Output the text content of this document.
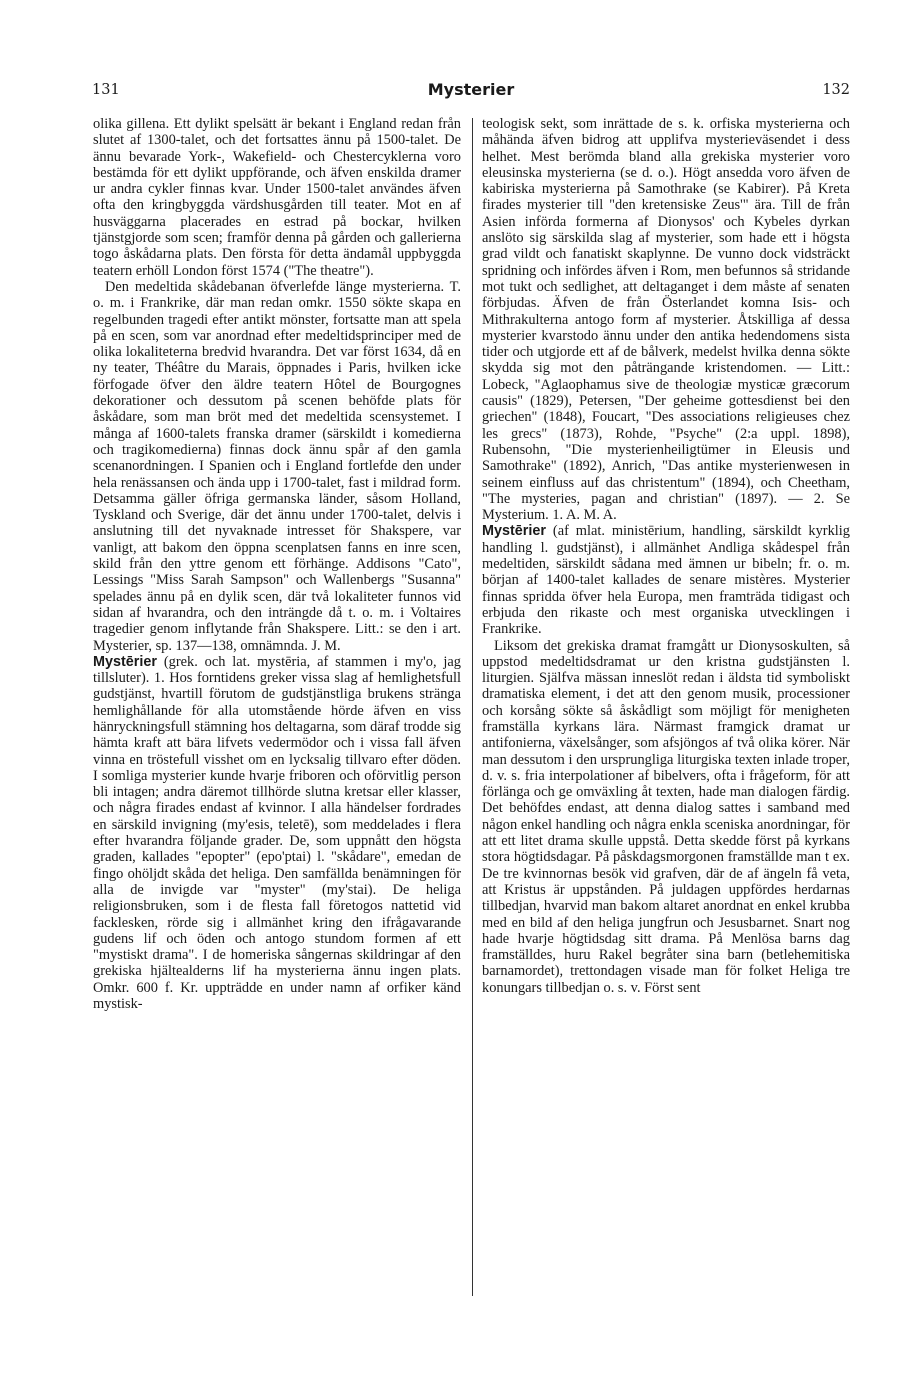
131	Mysterier	132

olika gillena. Ett dylikt spelsätt är bekant i England redan från slutet af 1300-talet, och det fortsattes ännu på 1500-talet. De ännu bevarade York-, Wakefield- och Chestercyklerna voro bestämda för ett dylikt uppförande, och äfven enskilda dramer ur andra cykler finnas kvar. Under 1500-talet användes äfven ofta den kringbyggda värdshusgården till teater. Mot en af husväggarna placerades en estrad på bockar, hvilken tjänstgjorde som scen; framför denna på gården och gallerierna togo åskådarna plats. Den första för detta ändamål uppbyggda teatern erhöll London först 1574 ("The theatre").

Den medeltida skådebanan öfverlefde länge mysterierna. T. o. m. i Frankrike, där man redan omkr. 1550 sökte skapa en regelbunden tragedi efter antikt mönster, fortsatte man att spela på en scen, som var anordnad efter medeltidsprinciper med de olika lokaliteterna bredvid hvarandra. Det var först 1634, då en ny teater, Théâtre du Marais, öppnades i Paris, hvilken icke förfogade öfver den äldre teatern Hôtel de Bourgognes dekorationer och dessutom på scenen behöfde plats för åskådare, som man bröt med det medeltida scensystemet. I många af 1600-talets franska dramer (särskildt i komedierna och tragikomedierna) finnas dock ännu spår af den gamla scenanordningen. I Spanien och i England fortlefde den under hela renässansen och ända upp i 1700-talet, fast i mildrad form. Detsamma gäller öfriga germanska länder, såsom Holland, Tyskland och Sverige, där det ännu under 1700-talet, delvis i anslutning till det nyvaknade intresset för Shakspere, var vanligt, att bakom den öppna scenplatsen fanns en inre scen, skild från den yttre genom ett förhänge. Addisons "Cato", Lessings "Miss Sarah Sampson" och Wallenbergs "Susanna" spelades ännu på en dylik scen, där två lokaliteter funnos vid sidan af hvarandra, och den inträngde då t. o. m. i Voltaires tragedier genom inflytande från Shakspere. Litt.: se den i art. Mysterier, sp. 137—138, omnämnda. J. M.

Mystērier (grek. och lat. mystēria, af stammen i my'o, jag tillsluter). 1. Hos forntidens greker vissa slag af hemlighetsfull gudstjänst, hvartill förutom de gudstjänstliga brukens stränga hemlighållande för alla utomstående hörde äfven en viss hänryckningsfull stämning hos deltagarna, som däraf trodde sig hämta kraft att bära lifvets vedermödor och i vissa fall äfven vinna en tröstefull visshet om en lycksalig tillvaro efter döden. I somliga mysterier kunde hvarje friboren och oförvitlig person bli intagen; andra däremot tillhörde slutna kretsar eller klasser, och några firades endast af kvinnor. I alla händelser fordrades en särskild invigning (my'esis, teletē), som meddelades i flera efter hvarandra följande grader. De, som uppnått den högsta graden, kallades "epopter" (epo'ptai) l. "skådare", emedan de fingo ohöljdt skåda det heliga. Den samfällda benämningen för alla de invigde var "myster" (my'stai). De heliga religionsbruken, som i de flesta fall företogos nattetid vid facklesken, rörde sig i allmänhet kring den ifrågavarande gudens lif och öden och antogo stundom formen af ett "mystiskt drama". I de homeriska sångernas skildringar af den grekiska hjältealderns lif ha mysterierna ännu ingen plats. Omkr. 600 f. Kr. uppträdde en under namn af orfiker känd mystisk-

teologisk sekt, som inrättade de s. k. orfiska mysterierna och måhända äfven bidrog att upplifva mysterieväsendet i dess helhet. Mest berömda bland alla grekiska mysterier voro eleusinska mysterierna (se d. o.). Högt ansedda voro äfven de kabiriska mysterierna på Samothrake (se Kabirer). På Kreta firades mysterier till "den kretensiske Zeus'" ära. Till de från Asien införda formerna af Dionysos' och Kybeles dyrkan anslöto sig särskilda slag af mysterier, som hade ett i högsta grad vildt och fanatiskt skaplynne. De vunno dock vidsträckt spridning och infördes äfven i Rom, men befunnos så stridande mot tukt och sedlighet, att deltaganget i dem måste af senaten förbjudas. Äfven de från Österlandet komna Isis- och Mithrakulterna antogo form af mysterier. Åtskilliga af dessa mysterier kvarstodo ännu under den antika hedendomens sista tider och utgjorde ett af de bålverk, medelst hvilka denna sökte skydda sig mot den påträngande kristendomen. — Litt.: Lobeck, "Aglaophamus sive de theologiæ mysticæ græcorum causis" (1829), Petersen, "Der geheime gottesdienst bei den griechen" (1848), Foucart, "Des associations religieuses chez les grecs" (1873), Rohde, "Psyche" (2:a uppl. 1898), Rubensohn, "Die mysterienheiligtümer in Eleusis und Samothrake" (1892), Anrich, "Das antike mysterienwesen in seinem einfluss auf das christentum" (1894), och Cheetham, "The mysteries, pagan and christian" (1897). — 2. Se Mysterium. 1. A. M. A.

Mystērier (af mlat. ministērium, handling, särskildt kyrklig handling l. gudstjänst), i allmänhet Andliga skådespel från medeltiden, särskildt sådana med ämnen ur bibeln; fr. o. m. början af 1400-talet kallades de senare mistères. Mysterier finnas spridda öfver hela Europa, men framträda tidigast och erbjuda den rikaste och mest organiska utvecklingen i Frankrike.

Liksom det grekiska dramat framgått ur Dionysoskulten, så uppstod medeltidsdramat ur den kristna gudstjänsten l. liturgien. Själfva mässan inneslöt redan i äldsta tid symboliskt dramatiska element, i det att den genom musik, processioner och korsång sökte så åskådligt som möjligt för menigheten framställa kyrkans lära. Närmast framgick dramat ur antifonierna, växelsånger, som afsjöngos af två olika körer. När man dessutom i den ursprungliga liturgiska texten inlade troper, d. v. s. fria interpolationer af bibelvers, ofta i frågeform, för att förlänga och ge omväxling åt texten, hade man dialogen färdig. Det behöfdes endast, att denna dialog sattes i samband med någon enkel handling och några enkla sceniska anordningar, för att ett litet drama skulle uppstå. Detta skedde först på kyrkans stora högtidsdagar. På påskdagsmorgonen framställde man t ex. De tre kvinnornas besök vid grafven, där de af ängeln få veta, att Kristus är uppstånden. På juldagen uppfördes herdarnas tillbedjan, hvarvid man bakom altaret anordnat en enkel krubba med en bild af den heliga jungfrun och Jesusbarnet. Snart nog hade hvarje högtidsdag sitt drama. På Menlösa barns dag framställdes, huru Rakel begråter sina barn (betlehemitiska barnamordet), trettondagen visade man för folket Heliga tre konungars tillbedjan o. s. v. Först sent
